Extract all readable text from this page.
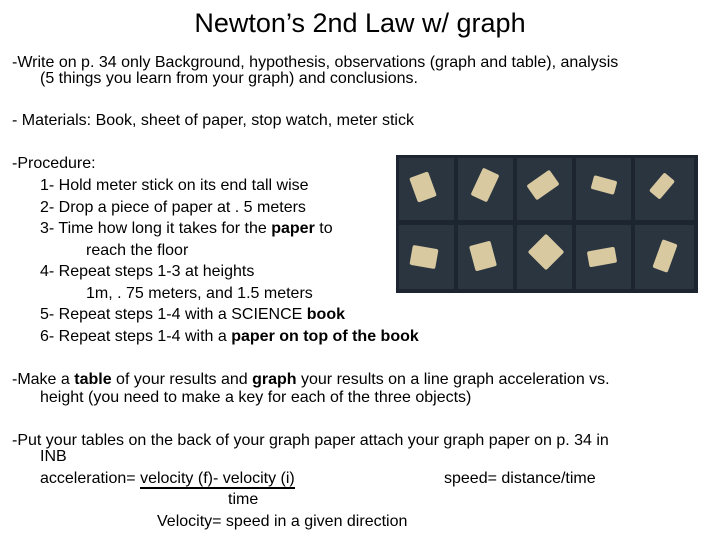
Newton’s 2nd Law w/ graph
-Write on p. 34 only Background, hypothesis, observations (graph and table), analysis
(5 things you learn from your graph) and conclusions.
- Materials: Book, sheet of paper, stop watch, meter stick
-Procedure:
1- Hold meter stick on its end tall wise
2- Drop a piece of paper at . 5 meters
3- Time how long it takes for the paper to
reach the floor
4- Repeat steps 1-3 at heights
1m, . 75 meters, and 1.5 meters
5- Repeat steps 1-4 with a SCIENCE book
6- Repeat steps 1-4 with a paper on top of the book
-Make a table of your results and graph your results on a line graph acceleration vs.
height (you need to make a key for each of the three objects)
-Put your tables on the back of your graph paper attach your graph paper on p. 34 in
INB
acceleration= velocity (f)- velocity (i)	speed= distance/time
time
Velocity= speed in a given direction
